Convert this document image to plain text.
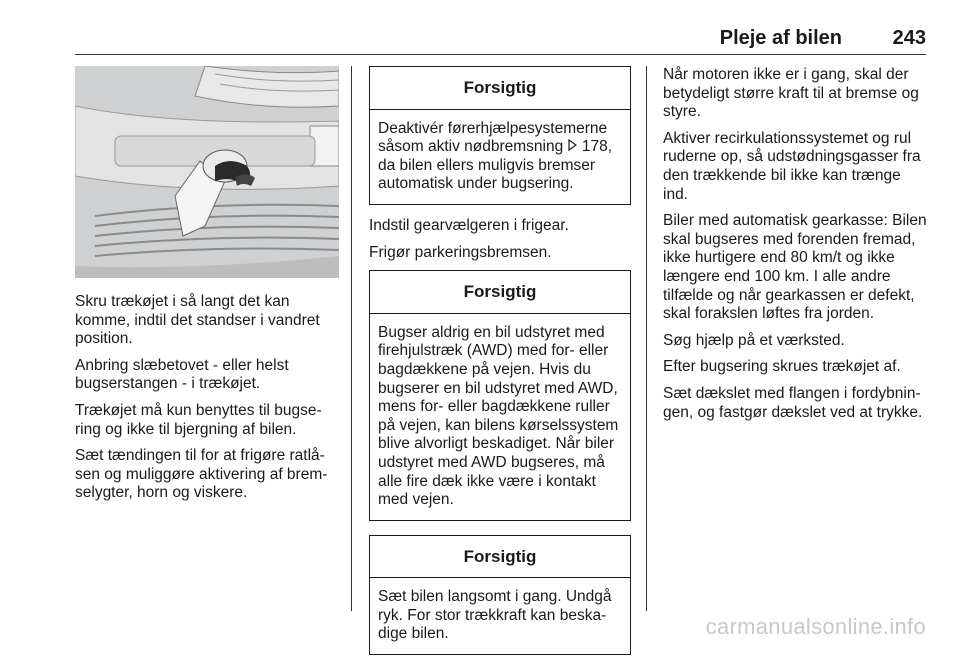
Pleje af bilen	243

Skru trækøjet i så langt det kan komme, indtil det standser i vandret position.

Anbring slæbetovet - eller helst bugserstangen - i trækøjet.

Trækøjet må kun benyttes til bugsering og ikke til bjergning af bilen.

Sæt tændingen til for at frigøre ratlåsen og muliggøre aktivering af bremselygter, horn og viskere.

Forsigtig
Deaktivér førerhjælpesystemerne såsom aktiv nødbremsning  178, da bilen ellers muligvis bremser automatisk under bugsering.

Indstil gearvælgeren i frigear.

Frigør parkeringsbremsen.

Forsigtig
Bugser aldrig en bil udstyret med firehjulstræk (AWD) med for- eller bagdækkene på vejen. Hvis du bugserer en bil udstyret med AWD, mens for- eller bagdækkene ruller på vejen, kan bilens kørselssystem blive alvorligt beskadiget. Når biler udstyret med AWD bugseres, må alle fire dæk ikke være i kontakt med vejen.
Forsigtig
Sæt bilen langsomt i gang. Undgå ryk. For stor trækkraft kan beskadige bilen.

Når motoren ikke er i gang, skal der betydeligt større kraft til at bremse og styre.

Aktiver recirkulationssystemet og rul ruderne op, så udstødningsgasser fra den trækkende bil ikke kan trænge ind.

Biler med automatisk gearkasse: Bilen skal bugseres med forenden fremad, ikke hurtigere end 80 km/t og ikke længere end 100 km. I alle andre tilfælde og når gearkassen er defekt, skal forakslen løftes fra jorden.

Søg hjælp på et værksted.

Efter bugsering skrues trækøjet af.

Sæt dækslet med flangen i fordybningen, og fastgør dækslet ved at trykke.

carmanualsonline.info
